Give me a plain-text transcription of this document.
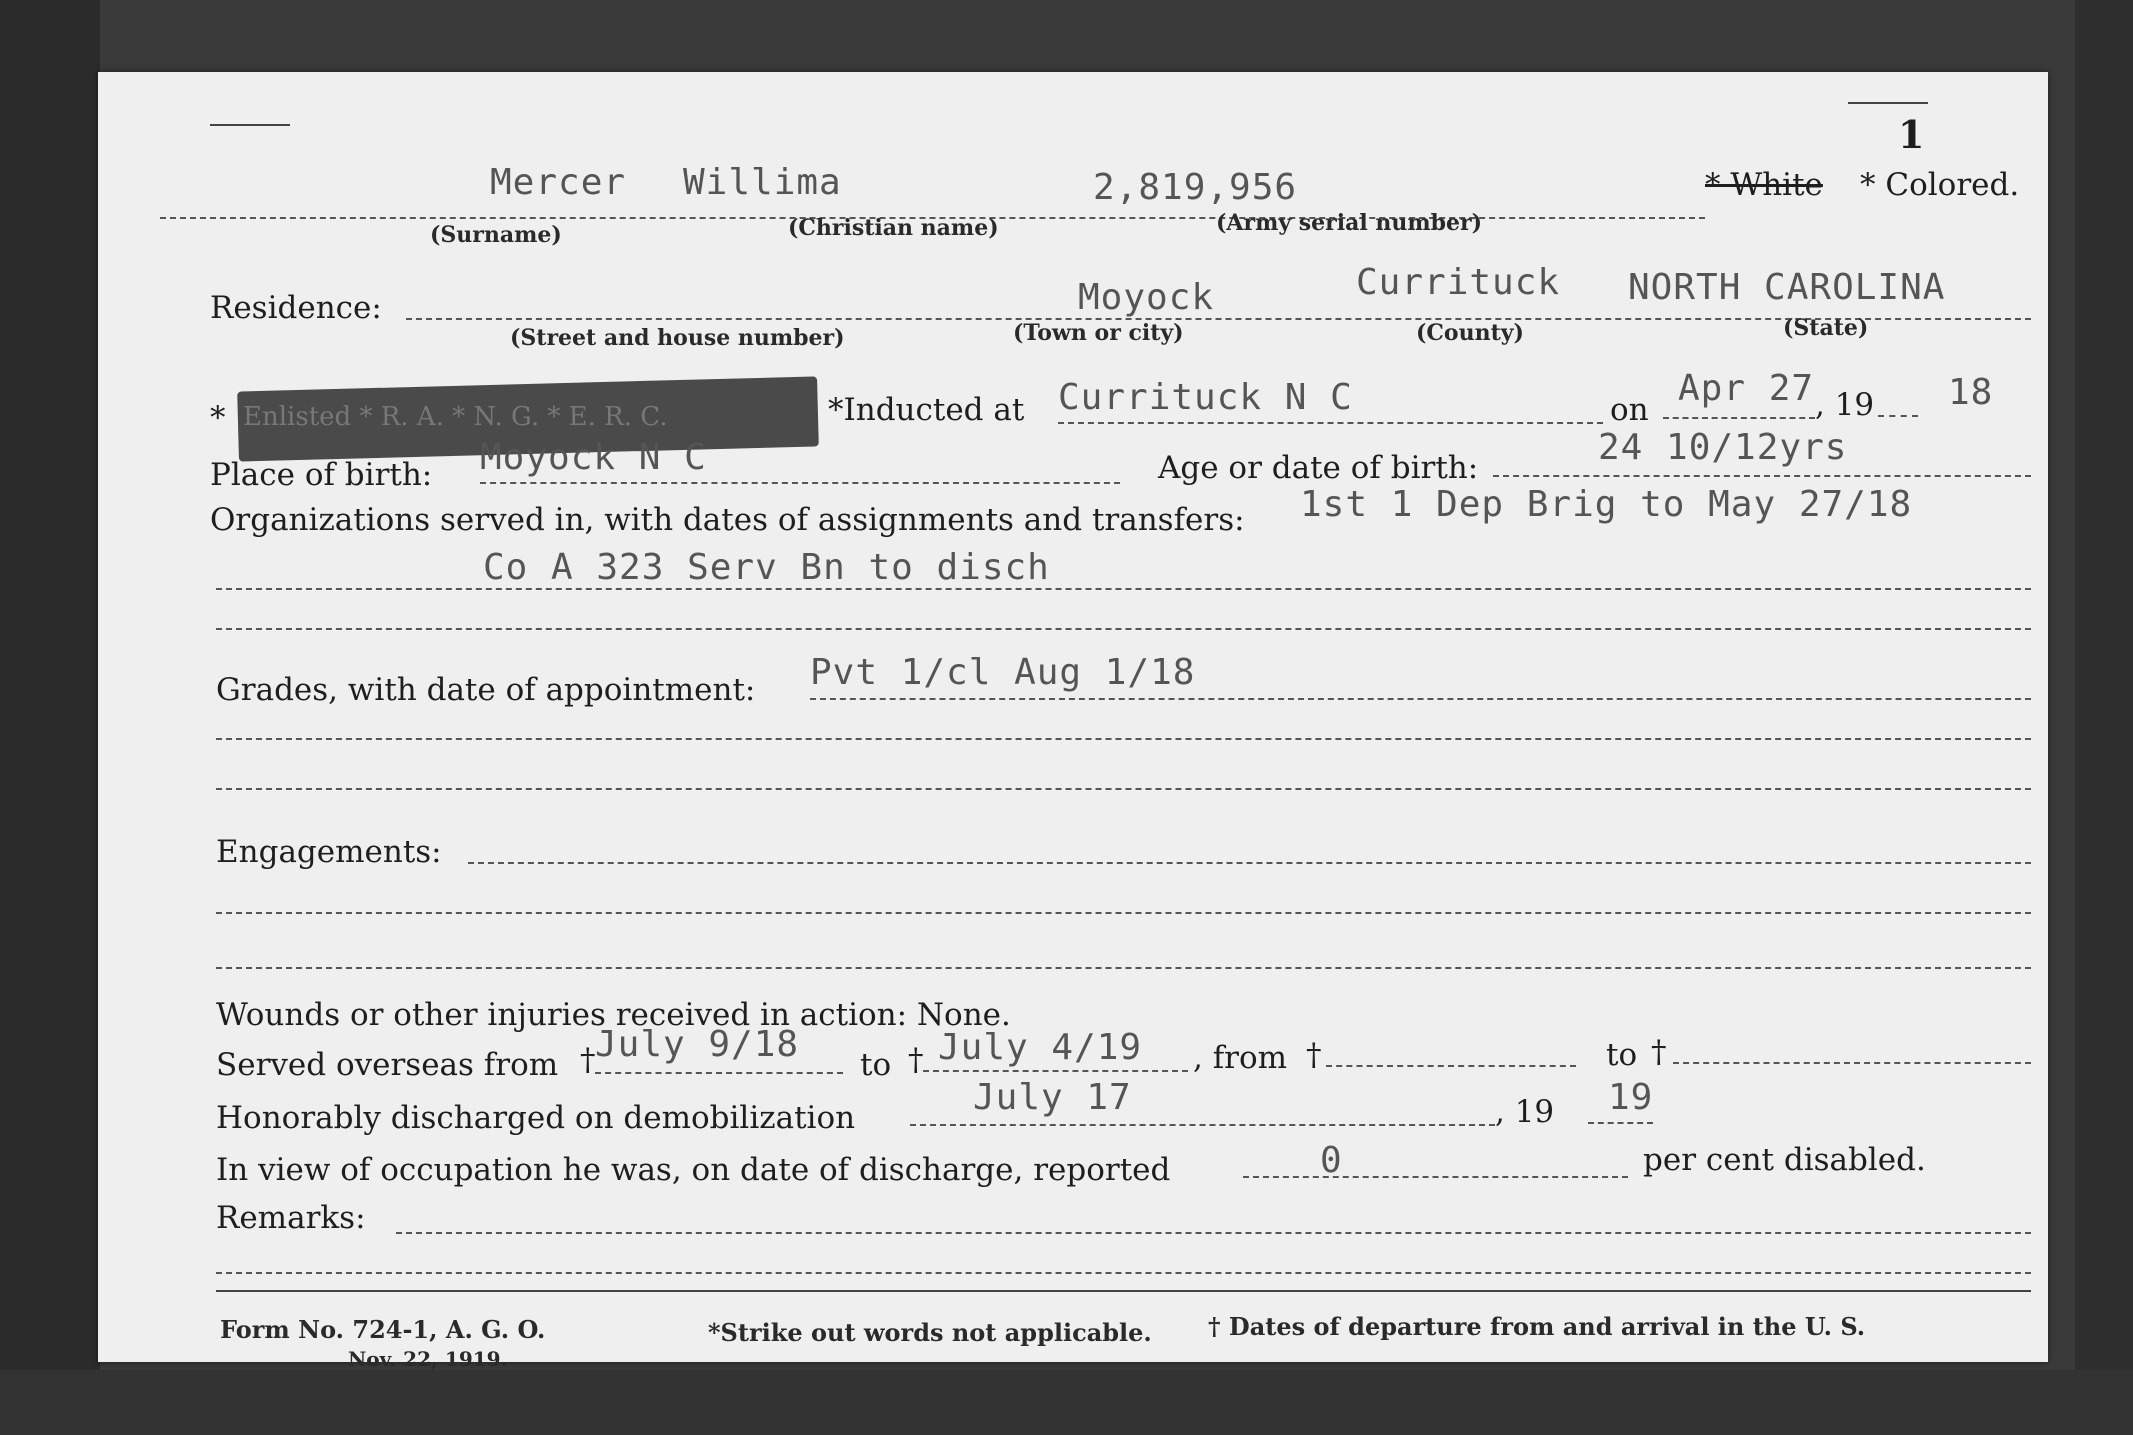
1
Mercer Willima	2,819,956	* White * Colored.
(Surname)	(Christian name)	(Army serial number)
Residence:	Moyock	Currituck NORTH CAROLINA
(Street and house number)	(Town or city)	(County)	(State)
* Enlisted * R. A. * N. G. * E. R. C.	*Inducted at Currituck N C	on
Apr 27 , 19 18
Place of birth: Moyock N C	Age or date of birth:	24 10/12yrs
Organizations served in, with dates of assignments and transfers: 1st 1 Dep Brig to May 27/18
Co A 323 Serv Bn to disch
Grades, with date of appointment: Pvt 1/cl Aug 1/18
Engagements:
Wounds or other injuries received in action: None.
Served overseas from † July 9/18 to † July 4/19 , from †	to †
Honorably discharged on demobilization	July 17	, 19 19
In view of occupation he was, on date of discharge, reported	0	per cent disabled.
Remarks:
Form No. 724-1, A. G. O.
Nov. 22, 1919.
*Strike out words not applicable. † Dates of departure from and arrival in the U. S.
